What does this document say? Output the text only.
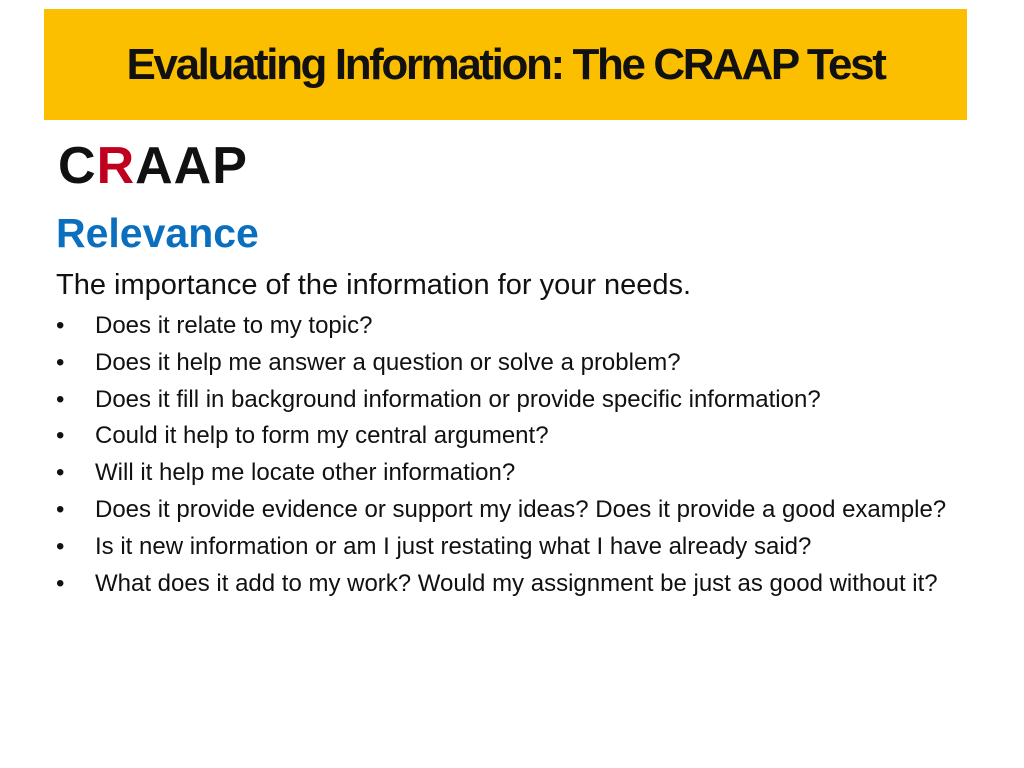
Evaluating Information: The CRAAP Test
CRAAP
Relevance
The importance of the information for your needs.
•	Does it relate to my topic?
•	Does it help me answer a question or solve a problem?
•	Does it fill in background information or provide specific information?
•	Could it help to form my central argument?
•	Will it help me locate other information?
•	Does it provide evidence or support my ideas? Does it provide a good example?
•	Is it new information or am I just restating what I have already said?
•	What does it add to my work? Would my assignment be just as good without it?
